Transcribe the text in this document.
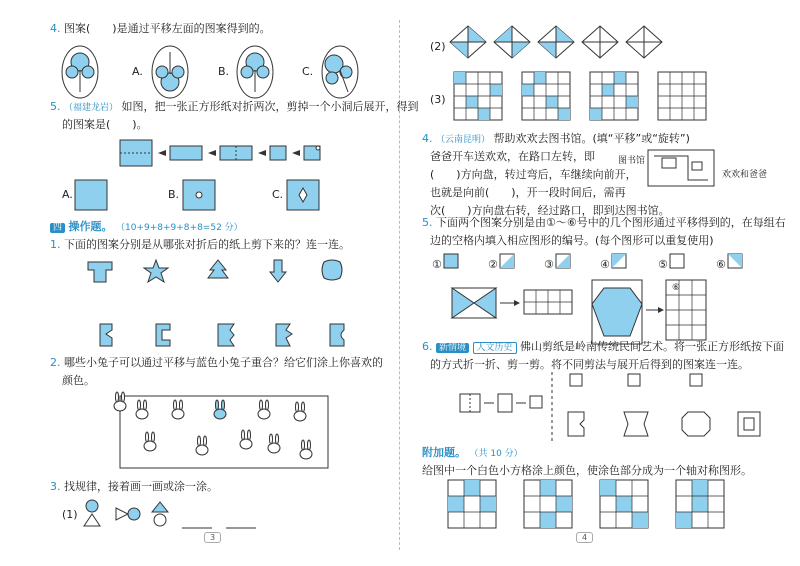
4. 图案(　　)是通过平移左面的图案得到的。
A.	B.	C.
5. （福建龙岩） 如图，把一张正方形纸对折两次，剪掉一个小洞后展开，得到
的图案是(　　)。
A.	B.	C.
四 操作题。 （10+9+8+9+8+8=52 分）
1. 下面的图案分别是从哪张对折后的纸上剪下来的？连一连。
2. 哪些小兔子可以通过平移与蓝色小兔子重合？给它们涂上你喜欢的
颜色。
3. 找规律，接着画一画或涂一涂。
(1)
3
(2)
(3)
4. （云南昆明） 帮助欢欢去图书馆。(填“平移”或“旋转”)
爸爸开车送欢欢，在路口左转，即
(　　)方向盘，转过弯后，车继续向前开，
也就是向前(　　)，开一段时间后，需再
次(　　)方向盘右转，经过路口，即到达图书馆。
图书馆
欢欢和爸爸
5. 下面两个图案分别是由①～⑥号中的几个图形通过平移得到的，在每组右
边的空格内填入相应图形的编号。(每个图形可以重复使用)
①	②	③	④	⑤	⑥
⑥
6. 新情境 人文历史 佛山剪纸是岭南传统民间艺术。将一张正方形纸按下面
的方式折一折、剪一剪。将不同剪法与展开后得到的图案连一连。
附加题。 （共 10 分）
给图中一个白色小方格涂上颜色，使涂色部分成为一个轴对称图形。
4
